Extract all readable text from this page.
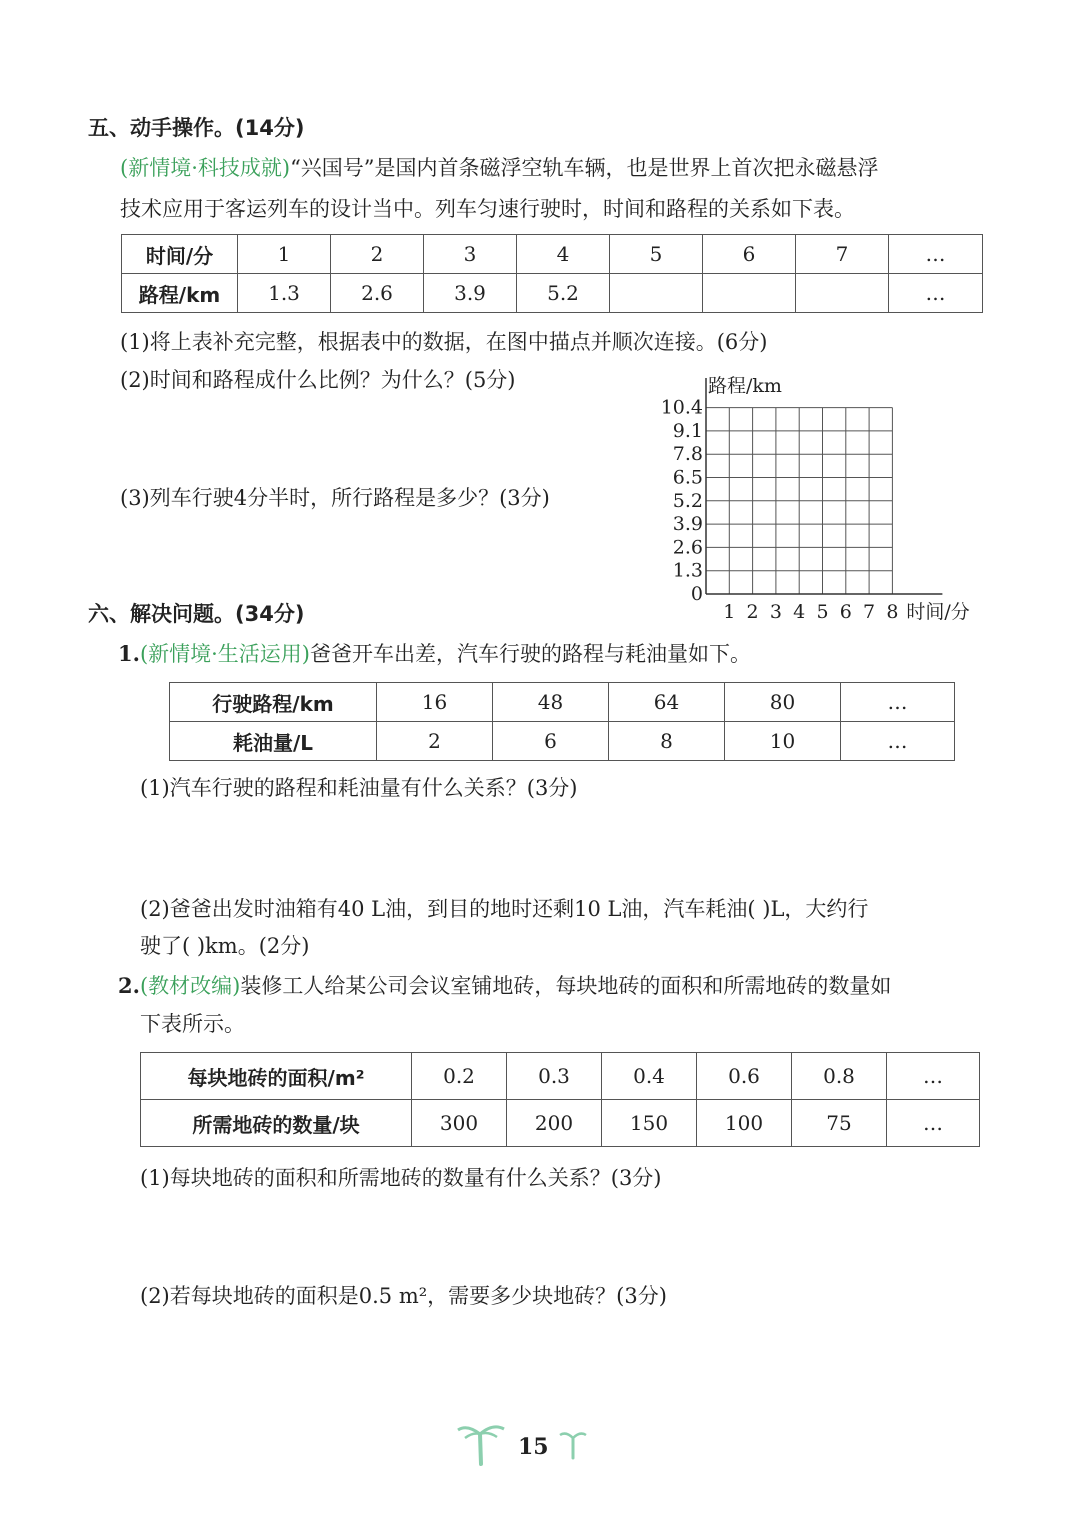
五、动手操作。(14分)
(新情境·科技成就)“兴国号”是国内首条磁浮空轨车辆，也是世界上首次把永磁悬浮
技术应用于客运列车的设计当中。列车匀速行驶时，时间和路程的关系如下表。
时间/分	1	2	3	4	5	6	7	…
路程/km	1.3	2.6	3.9	5.2				…
(1)将上表补充完整，根据表中的数据，在图中描点并顺次连接。(6分)
(2)时间和路程成什么比例？为什么？(5分)
(3)列车行驶4分半时，所行路程是多少？(3分)
0
1.3
2.6
3.9
5.2
6.5
7.8
9.1
10.4
1 2 3 4 5 6 7 8
路程/km
时间/分
六、解决问题。(34分)
1.(新情境·生活运用)爸爸开车出差，汽车行驶的路程与耗油量如下。
行驶路程/km	16	48	64	80	…
耗油量/L	2	6	8	10	…
(1)汽车行驶的路程和耗油量有什么关系？(3分)
(2)爸爸出发时油箱有40 L油，到目的地时还剩10 L油，汽车耗油( )L，大约行
驶了( )km。(2分)
2.(教材改编)装修工人给某公司会议室铺地砖，每块地砖的面积和所需地砖的数量如
下表所示。
每块地砖的面积/m²	0.2	0.3	0.4	0.6	0.8	…
所需地砖的数量/块	300	200	150	100	75	…
(1)每块地砖的面积和所需地砖的数量有什么关系？(3分)
(2)若每块地砖的面积是0.5 m²，需要多少块地砖？(3分)
15
